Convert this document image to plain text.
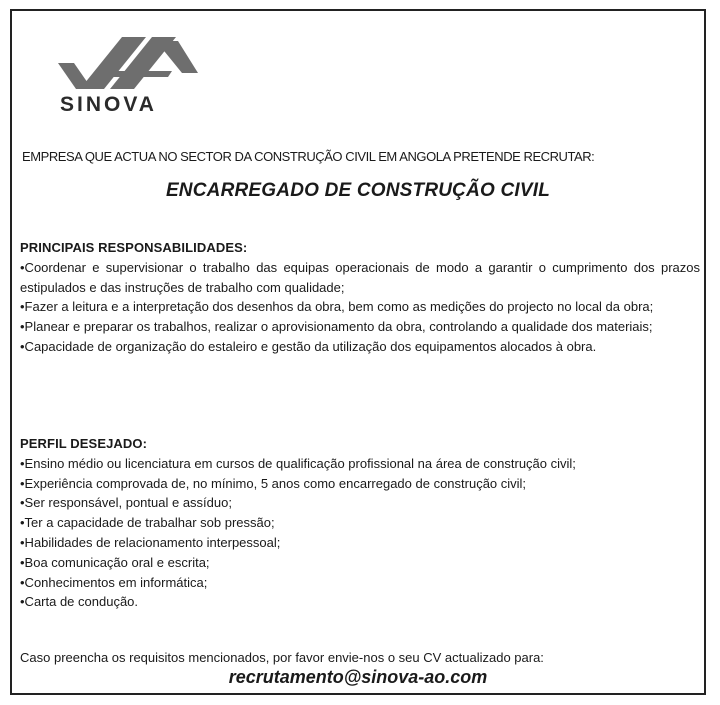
SINOVA
EMPRESA QUE ACTUA NO SECTOR DA CONSTRUÇÃO CIVIL EM ANGOLA PRETENDE RECRUTAR:
ENCARREGADO DE CONSTRUÇÃO CIVIL
PRINCIPAIS RESPONSABILIDADES:
•Coordenar e supervisionar o trabalho das equipas operacionais de modo a garantir o cumprimento dos prazos estipulados e das instruções de trabalho com qualidade;
•Fazer a leitura e a interpretação dos desenhos da obra, bem como as medições do projecto no local da obra;
•Planear e preparar os trabalhos, realizar o aprovisionamento da obra, controlando a qualidade dos materiais;
•Capacidade de organização do estaleiro e gestão da utilização dos equipamentos alocados à obra.
PERFIL DESEJADO:
•Ensino médio ou licenciatura em cursos de qualificação profissional na área de construção civil;
•Experiência comprovada de, no mínimo, 5 anos como encarregado de construção civil;
•Ser responsável, pontual e assíduo;
•Ter a capacidade de trabalhar sob pressão;
•Habilidades de relacionamento interpessoal;
•Boa comunicação oral e escrita;
•Conhecimentos em informática;
•Carta de condução.
Caso preencha os requisitos mencionados, por favor envie-nos o seu CV actualizado para:
recrutamento@sinova-ao.com
